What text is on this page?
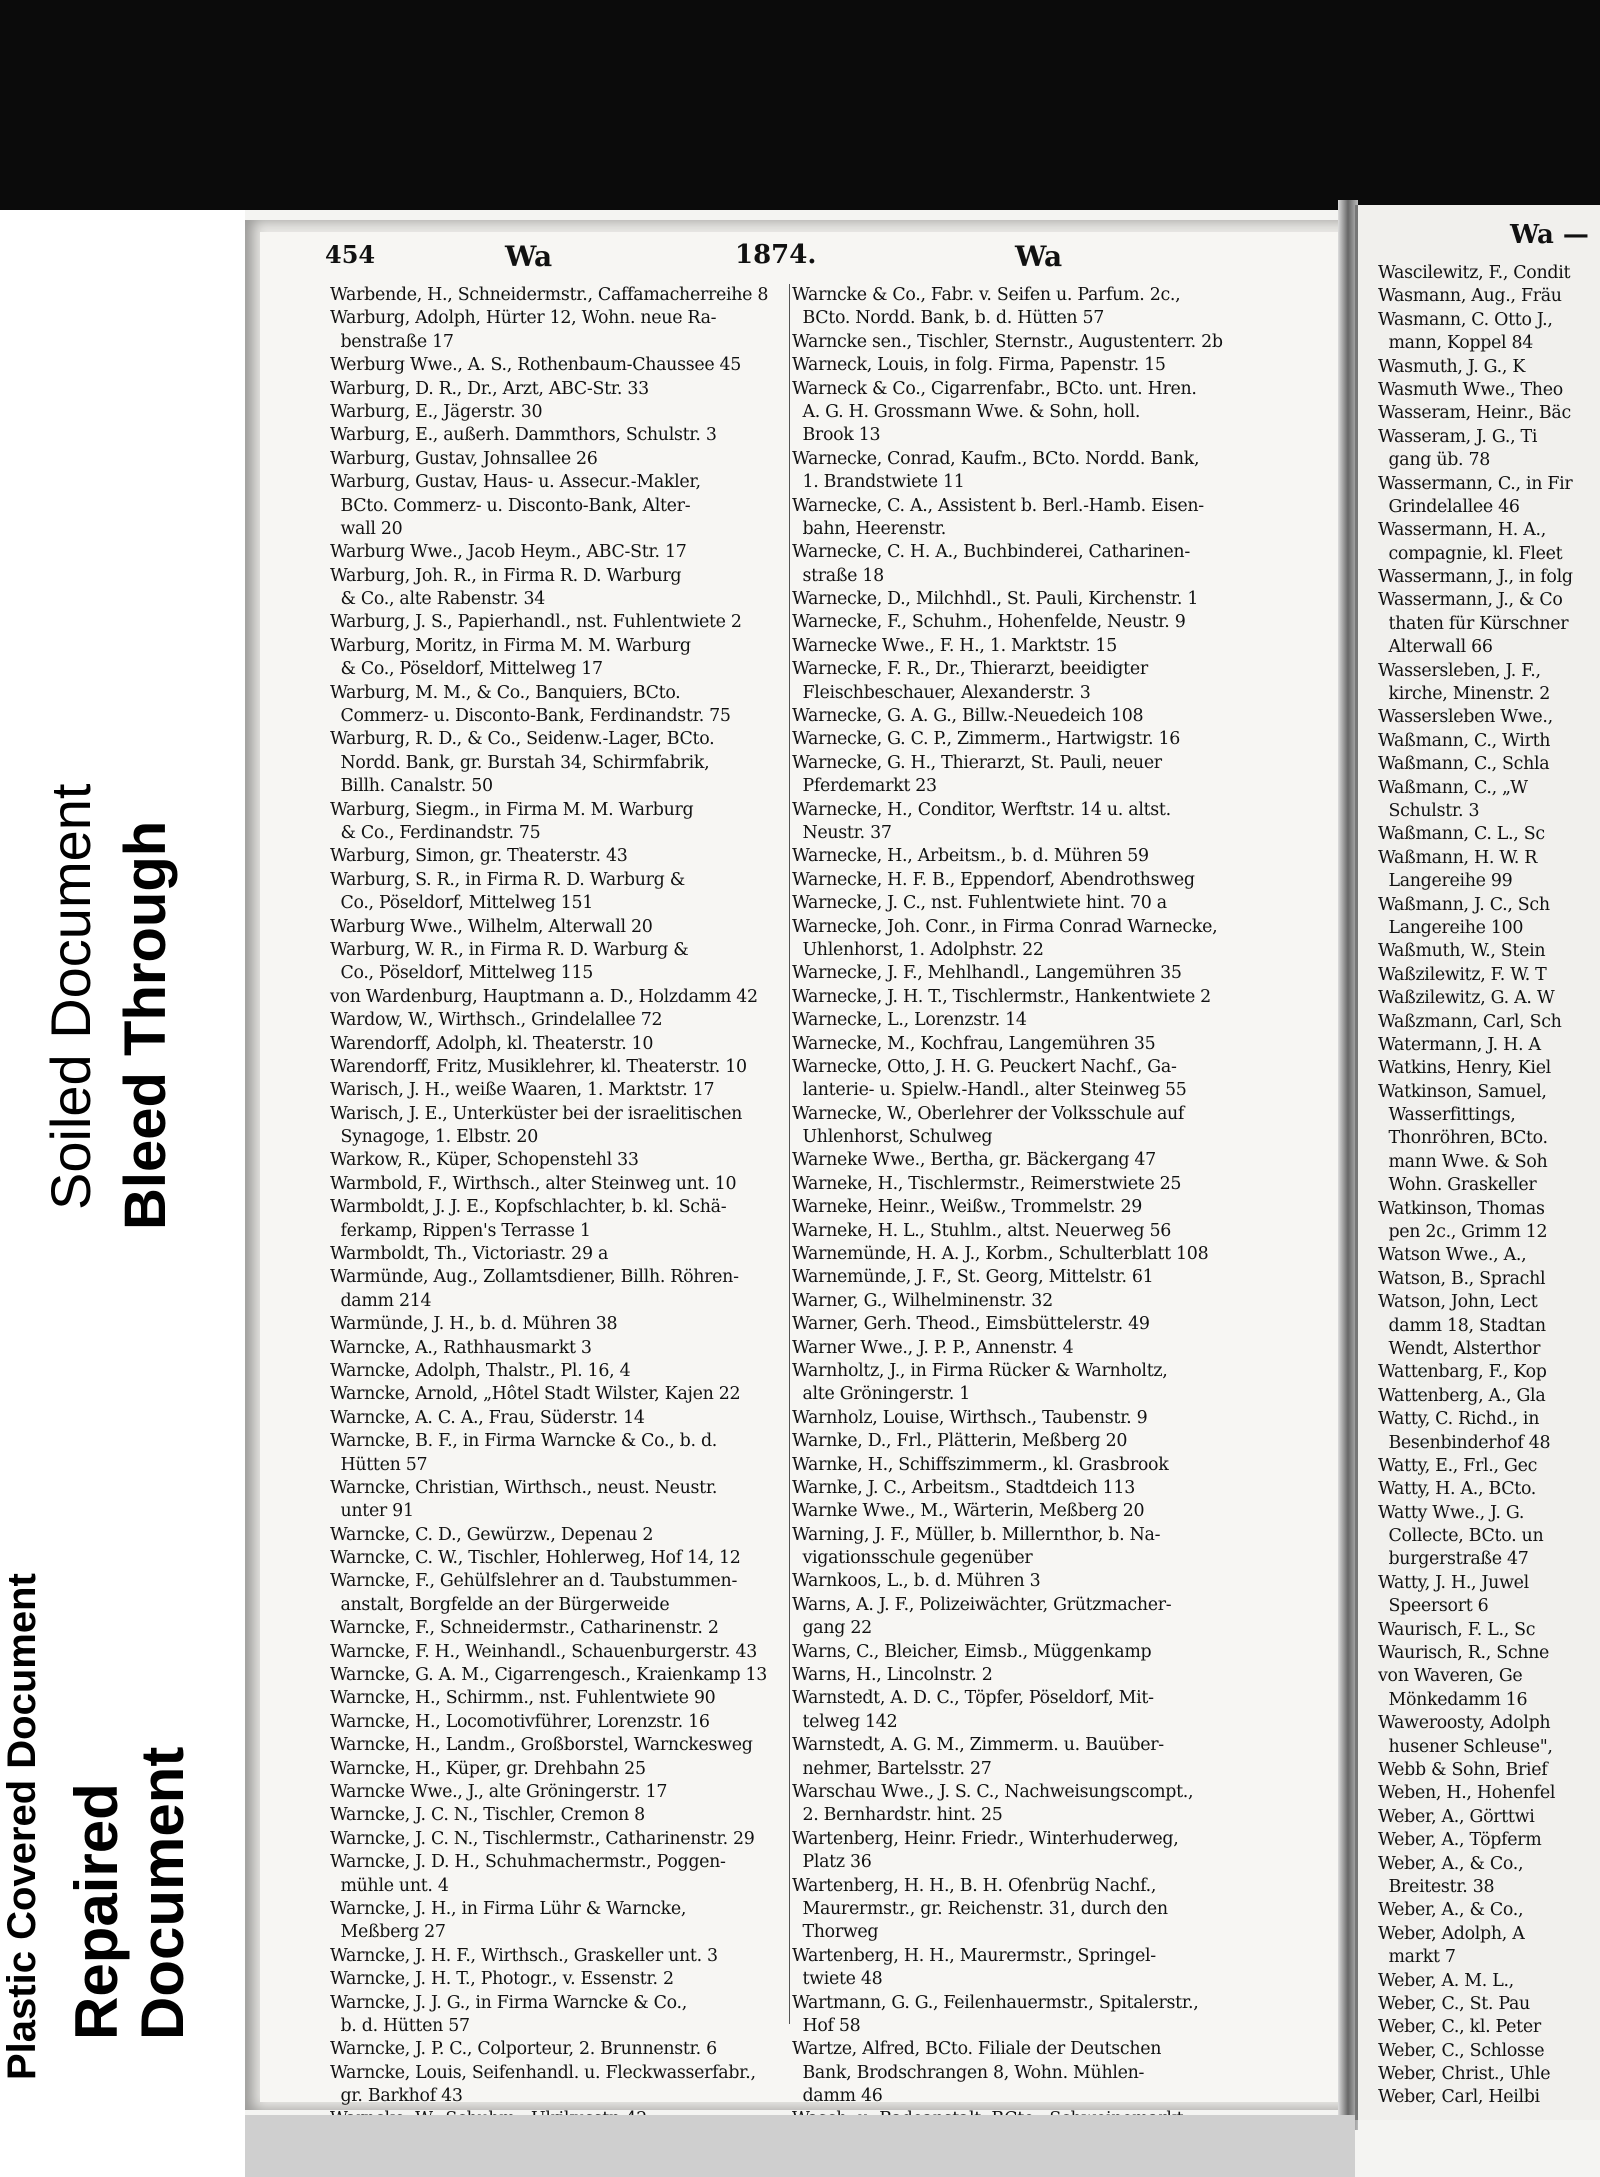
Soiled Document Bleed Through
Plastic Covered Document Repaired Document
454	Wa	1874.	Wa
Wa —
Warbende, H., Schneidermstr., Caffamacherreihe 8
Warburg, Adolph, Hürter 12, Wohn. neue Ra-
benstraße 17
Werburg Wwe., A. S., Rothenbaum-Chaussee 45
Warburg, D. R., Dr., Arzt, ABC-Str. 33
Warburg, E., Jägerstr. 30
Warburg, E., außerh. Dammthors, Schulstr. 3
Warburg, Gustav, Johnsallee 26
Warburg, Gustav, Haus- u. Assecur.-Makler,
BCto. Commerz- u. Disconto-Bank, Alter-
wall 20
Warburg Wwe., Jacob Heym., ABC-Str. 17
Warburg, Joh. R., in Firma R. D. Warburg
& Co., alte Rabenstr. 34
Warburg, J. S., Papierhandl., nst. Fuhlentwiete 2
Warburg, Moritz, in Firma M. M. Warburg
& Co., Pöseldorf, Mittelweg 17
Warburg, M. M., & Co., Banquiers, BCto.
Commerz- u. Disconto-Bank, Ferdinandstr. 75
Warburg, R. D., & Co., Seidenw.-Lager, BCto.
Nordd. Bank, gr. Burstah 34, Schirmfabrik,
Billh. Canalstr. 50
Warburg, Siegm., in Firma M. M. Warburg
& Co., Ferdinandstr. 75
Warburg, Simon, gr. Theaterstr. 43
Warburg, S. R., in Firma R. D. Warburg &
Co., Pöseldorf, Mittelweg 151
Warburg Wwe., Wilhelm, Alterwall 20
Warburg, W. R., in Firma R. D. Warburg &
Co., Pöseldorf, Mittelweg 115
von Wardenburg, Hauptmann a. D., Holzdamm 42
Wardow, W., Wirthsch., Grindelallee 72
Warendorff, Adolph, kl. Theaterstr. 10
Warendorff, Fritz, Musiklehrer, kl. Theaterstr. 10
Warisch, J. H., weiße Waaren, 1. Marktstr. 17
Warisch, J. E., Unterküster bei der israelitischen
Synagoge, 1. Elbstr. 20
Warkow, R., Küper, Schopenstehl 33
Warmbold, F., Wirthsch., alter Steinweg unt. 10
Warmboldt, J. J. E., Kopfschlachter, b. kl. Schä-
ferkamp, Rippen's Terrasse 1
Warmboldt, Th., Victoriastr. 29 a
Warmünde, Aug., Zollamtsdiener, Billh. Röhren-
damm 214
Warmünde, J. H., b. d. Mühren 38
Warncke, A., Rathhausmarkt 3
Warncke, Adolph, Thalstr., Pl. 16, 4
Warncke, Arnold, „Hôtel Stadt Wilster, Kajen 22
Warncke, A. C. A., Frau, Süderstr. 14
Warncke, B. F., in Firma Warncke & Co., b. d.
Hütten 57
Warncke, Christian, Wirthsch., neust. Neustr.
unter 91
Warncke, C. D., Gewürzw., Depenau 2
Warncke, C. W., Tischler, Hohlerweg, Hof 14, 12
Warncke, F., Gehülfslehrer an d. Taubstummen-
anstalt, Borgfelde an der Bürgerweide
Warncke, F., Schneidermstr., Catharinenstr. 2
Warncke, F. H., Weinhandl., Schauenburgerstr. 43
Warncke, G. A. M., Cigarrengesch., Kraienkamp 13
Warncke, H., Schirmm., nst. Fuhlentwiete 90
Warncke, H., Locomotivführer, Lorenzstr. 16
Warncke, H., Landm., Großborstel, Warnckesweg
Warncke, H., Küper, gr. Drehbahn 25
Warncke Wwe., J., alte Gröningerstr. 17
Warncke, J. C. N., Tischler, Cremon 8
Warncke, J. C. N., Tischlermstr., Catharinenstr. 29
Warncke, J. D. H., Schuhmachermstr., Poggen-
mühle unt. 4
Warncke, J. H., in Firma Lühr & Warncke,
Meßberg 27
Warncke, J. H. F., Wirthsch., Graskeller unt. 3
Warncke, J. H. T., Photogr., v. Essenstr. 2
Warncke, J. J. G., in Firma Warncke & Co.,
b. d. Hütten 57
Warncke, J. P. C., Colporteur, 2. Brunnenstr. 6
Warncke, Louis, Seifenhandl. u. Fleckwasserfabr.,
gr. Barkhof 43
Warncke & Co., Fabr. v. Seifen u. Parfum. 2c.,
BCto. Nordd. Bank, b. d. Hütten 57
Warncke sen., Tischler, Sternstr., Augustenterr. 2b
Warneck, Louis, in folg. Firma, Papenstr. 15
Warneck & Co., Cigarrenfabr., BCto. unt. Hren.
A. G. H. Grossmann Wwe. & Sohn, holl.
Brook 13
Warnecke, Conrad, Kaufm., BCto. Nordd. Bank,
1. Brandstwiete 11
Warnecke, C. A., Assistent b. Berl.-Hamb. Eisen-
bahn, Heerenstr.
Warnecke, C. H. A., Buchbinderei, Catharinen-
straße 18
Warnecke, D., Milchhdl., St. Pauli, Kirchenstr. 1
Warnecke, F., Schuhm., Hohenfelde, Neustr. 9
Warnecke Wwe., F. H., 1. Marktstr. 15
Warnecke, F. R., Dr., Thierarzt, beeidigter
Fleischbeschauer, Alexanderstr. 3
Warnecke, G. A. G., Billw.-Neuedeich 108
Warnecke, G. C. P., Zimmerm., Hartwigstr. 16
Warnecke, G. H., Thierarzt, St. Pauli, neuer
Pferdemarkt 23
Warnecke, H., Conditor, Werftstr. 14 u. altst.
Neustr. 37
Warnecke, H., Arbeitsm., b. d. Mühren 59
Warnecke, H. F. B., Eppendorf, Abendrothsweg
Warnecke, J. C., nst. Fuhlentwiete hint. 70 a
Warnecke, Joh. Conr., in Firma Conrad Warnecke,
Uhlenhorst, 1. Adolphstr. 22
Warnecke, J. F., Mehlhandl., Langemühren 35
Warnecke, J. H. T., Tischlermstr., Hankentwiete 2
Warnecke, L., Lorenzstr. 14
Warnecke, M., Kochfrau, Langemühren 35
Warnecke, Otto, J. H. G. Peuckert Nachf., Ga-
lanterie- u. Spielw.-Handl., alter Steinweg 55
Warnecke, W., Oberlehrer der Volksschule auf
Uhlenhorst, Schulweg
Warneke Wwe., Bertha, gr. Bäckergang 47
Warneke, H., Tischlermstr., Reimerstwiete 25
Warneke, Heinr., Weißw., Trommelstr. 29
Warneke, H. L., Stuhlm., altst. Neuerweg 56
Warnemünde, H. A. J., Korbm., Schulterblatt 108
Warnemünde, J. F., St. Georg, Mittelstr. 61
Warner, G., Wilhelminenstr. 32
Warner, Gerh. Theod., Eimsbüttelerstr. 49
Warner Wwe., J. P. P., Annenstr. 4
Warnholtz, J., in Firma Rücker & Warnholtz,
alte Gröningerstr. 1
Warnholz, Louise, Wirthsch., Taubenstr. 9
Warnke, D., Frl., Plätterin, Meßberg 20
Warnke, H., Schiffszimmerm., kl. Grasbrook
Warnke, J. C., Arbeitsm., Stadtdeich 113
Warnke Wwe., M., Wärterin, Meßberg 20
Warning, J. F., Müller, b. Millernthor, b. Na-
vigationsschule gegenüber
Warnkoos, L., b. d. Mühren 3
Warns, A. J. F., Polizeiwächter, Grützmacher-
gang 22
Warns, C., Bleicher, Eimsb., Müggenkamp
Warns, H., Lincolnstr. 2
Warnstedt, A. D. C., Töpfer, Pöseldorf, Mit-
telweg 142
Warnstedt, A. G. M., Zimmerm. u. Bauüber-
nehmer, Bartelsstr. 27
Warschau Wwe., J. S. C., Nachweisungscompt.,
2. Bernhardstr. hint. 25
Wartenberg, Heinr. Friedr., Winterhuderweg,
Platz 36
Wartenberg, H. H., B. H. Ofenbrüg Nachf.,
Maurermstr., gr. Reichenstr. 31, durch den
Thorweg
Wartenberg, H. H., Maurermstr., Springel-
twiete 48
Wartmann, G. G., Feilenhauermstr., Spitalerstr.,
Hof 58
Wartze, Alfred, BCto. Filiale der Deutschen
Bank, Brodschrangen 8, Wohn. Mühlen-
damm 46
Wascilewitz, F., Condit
Wasmann, Aug., Fräu
Wasmann, C. Otto J.,
mann, Koppel 84
Wasmuth, J. G., K
Wasmuth Wwe., Theo
Wasseram, Heinr., Bäc
Wasseram, J. G., Ti
gang üb. 78
Wassermann, C., in Fir
Grindelallee 46
Wassermann, H. A.,
compagnie, kl. Fleet
Wassermann, J., in folg
Wassermann, J., & Co
thaten für Kürschner
Alterwall 66
Wassersleben, J. F.,
kirche, Minenstr. 2
Wassersleben Wwe.,
Waßmann, C., Wirth
Waßmann, C., Schla
Waßmann, C., „W
Schulstr. 3
Waßmann, C. L., Sc
Waßmann, H. W. R
Langereihe 99
Waßmann, J. C., Sch
Langereihe 100
Waßmuth, W., Stein
Waßzilewitz, F. W. T
Waßzilewitz, G. A. W
Waßzmann, Carl, Sch
Watermann, J. H. A
Watkins, Henry, Kiel
Watkinson, Samuel,
Wasserfittings,
Thonröhren, BCto.
mann Wwe. & Soh
Wohn. Graskeller
Watkinson, Thomas
pen 2c., Grimm 12
Watson Wwe., A.,
Watson, B., Sprachl
Watson, John, Lect
damm 18, Stadtan
Wendt, Alsterthor
Wattenbarg, F., Kop
Wattenberg, A., Gla
Watty, C. Richd., in
Besenbinderhof 48
Watty, E., Frl., Gec
Watty, H. A., BCto.
Watty Wwe., J. G.
Collecte, BCto. un
burgerstraße 47
Watty, J. H., Juwel
Speersort 6
Waurisch, F. L., Sc
Waurisch, R., Schne
von Waveren, Ge
Mönkedamm 16
Waweroosty, Adolph
husener Schleuse",
Webb & Sohn, Brief
Weben, H., Hohenfel
Weber, A., Görttwi
Weber, A., Töpferm
Weber, A., & Co.,
Breitestr. 38
Weber, A., & Co.,
Weber, Adolph, A
markt 7
Weber, A. M. L.,
Weber, C., St. Pau
Weber, C., kl. Peter
Weber, C., Schlosse
Weber, Christ., Uhle
Weber, Carl, Heilbi
